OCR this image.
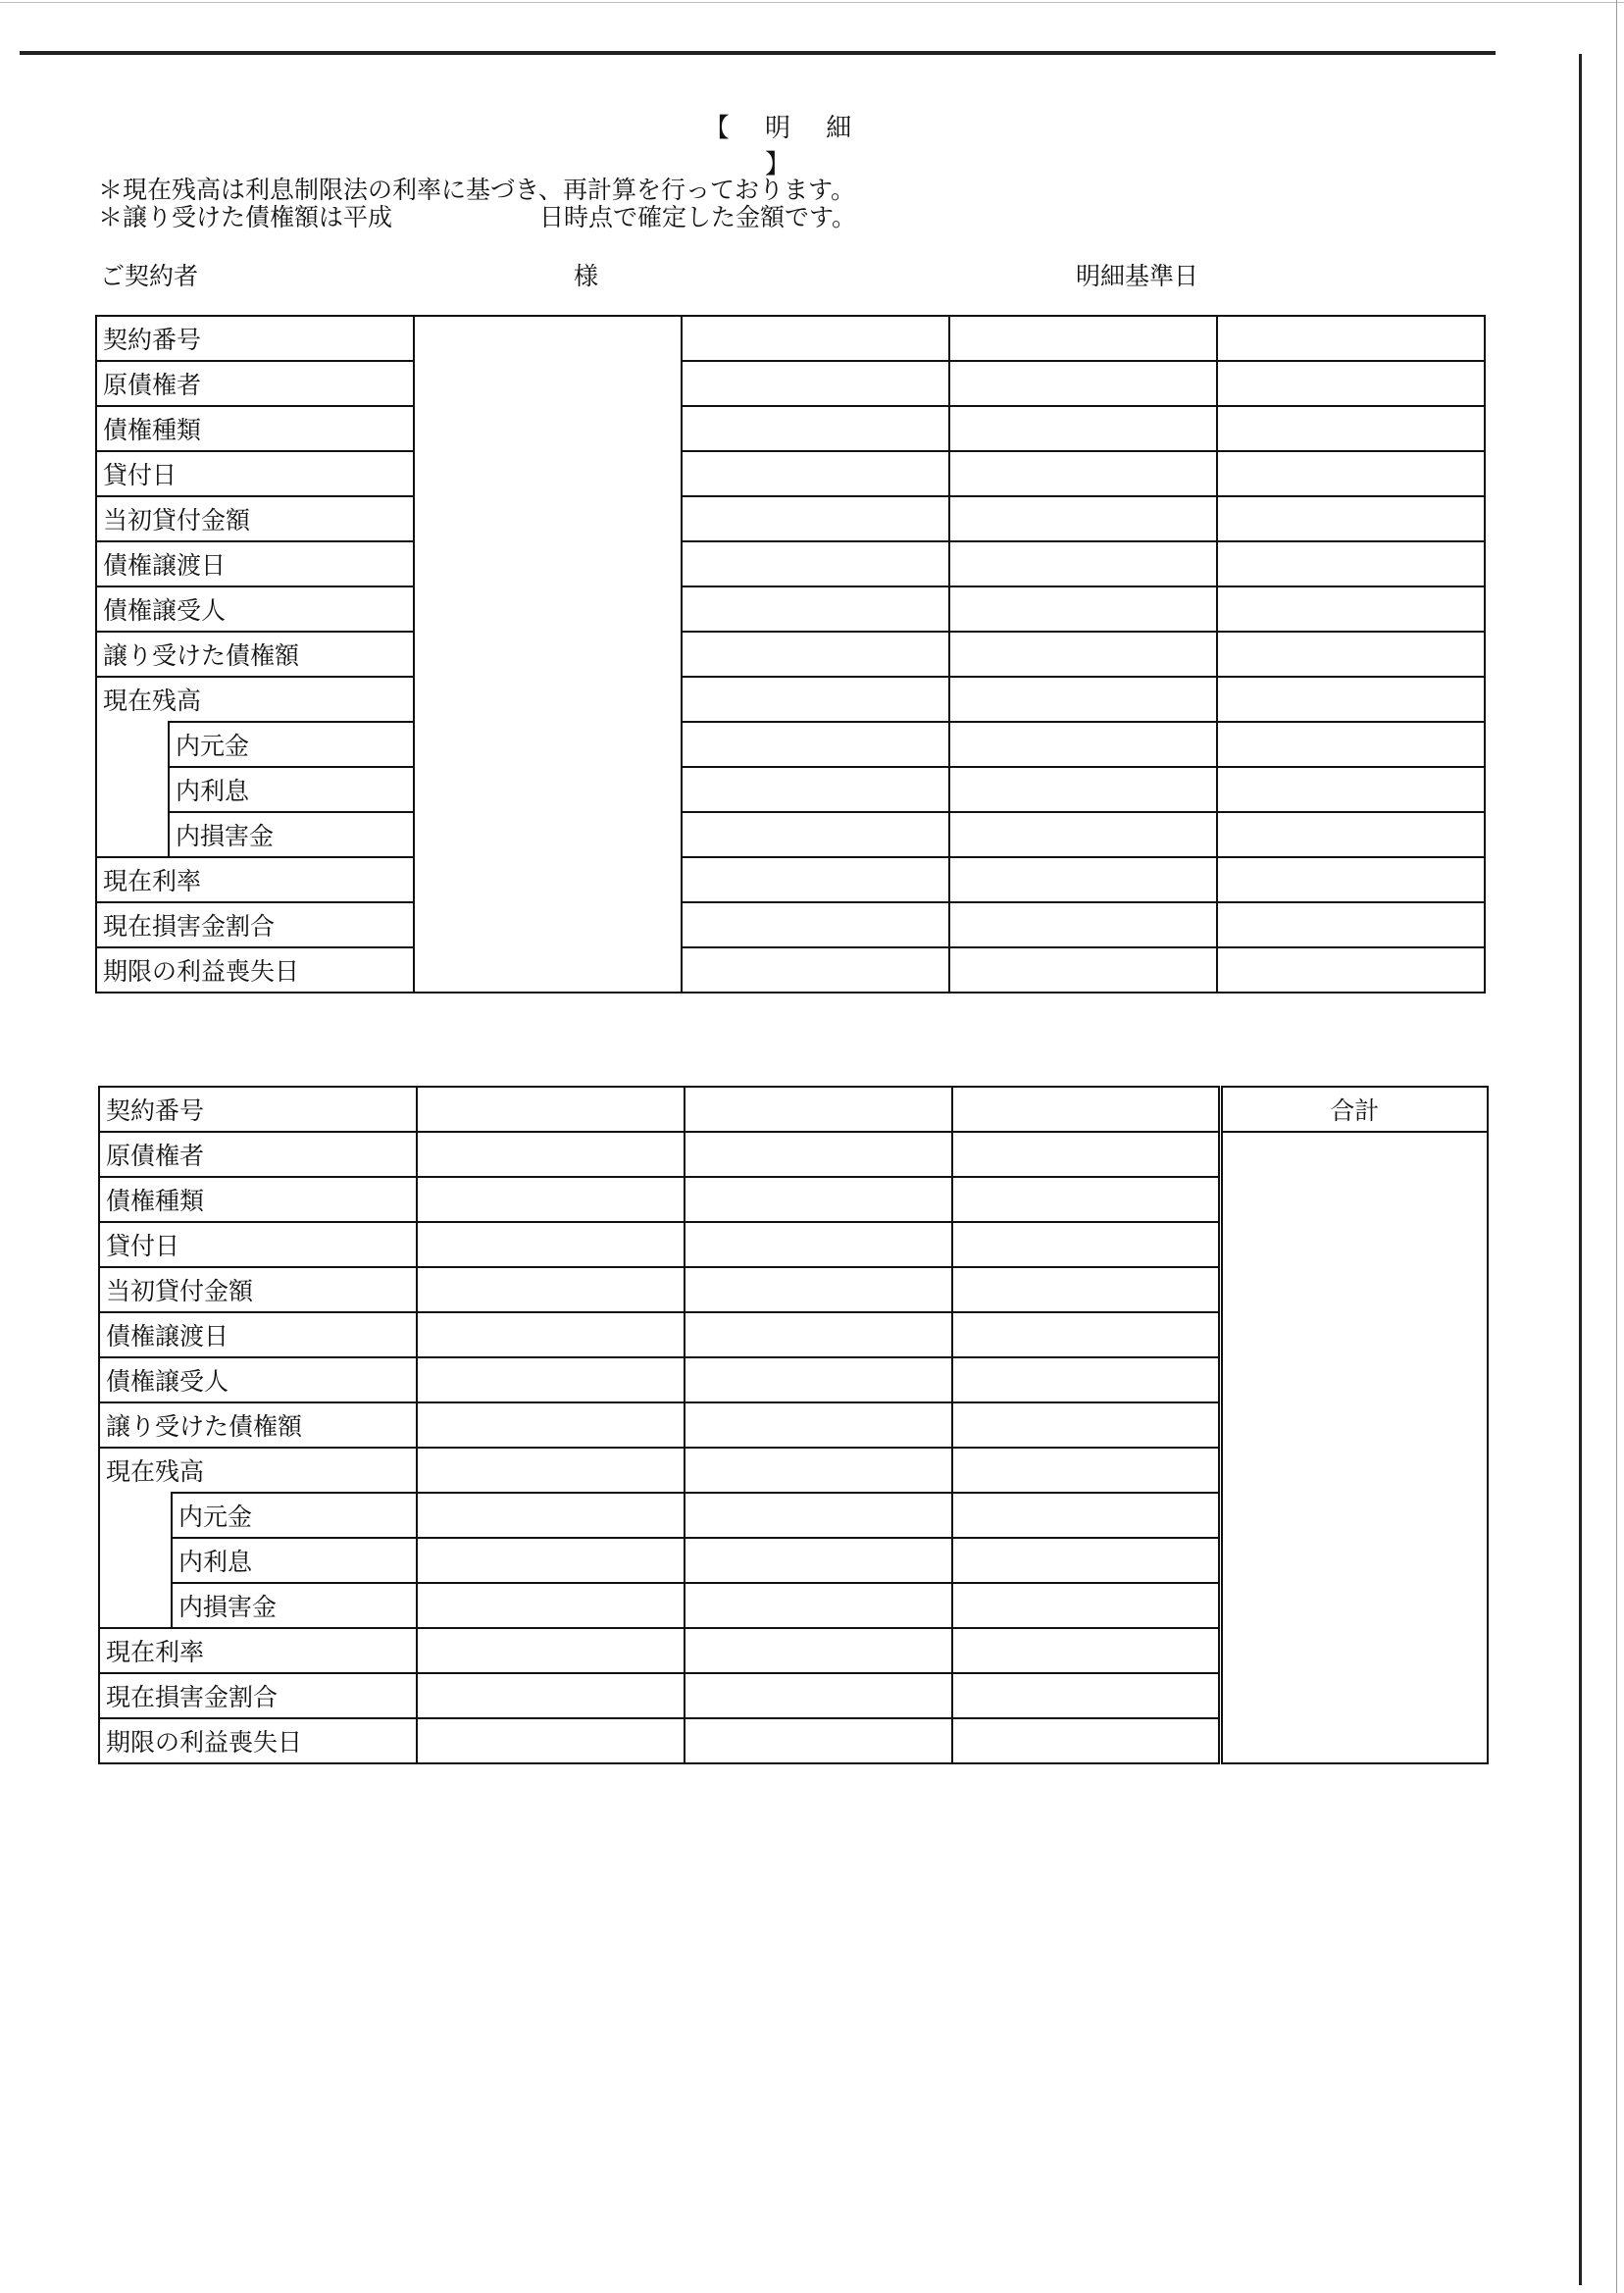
【 明 細 】
＊現在残高は利息制限法の利率に基づき、再計算を行っております。
＊譲り受けた債権額は平成	日時点で確定した金額です。
ご契約者	様	明細基準日
契約番号					
原債権者					
債権種類					
貸付日					
当初貸付金額					
債権譲渡日					
債権譲受人					
譲り受けた債権額					
現在残高					
	内元金				
	内利息				
	内損害金				
現在利率					
現在損害金割合					
期限の利益喪失日					
契約番号					合計
原債権者					
債権種類					
貸付日					
当初貸付金額					
債権譲渡日					
債権譲受人					
譲り受けた債権額					
現在残高					
	内元金				
	内利息				
	内損害金				
現在利率					
現在損害金割合					
期限の利益喪失日					
